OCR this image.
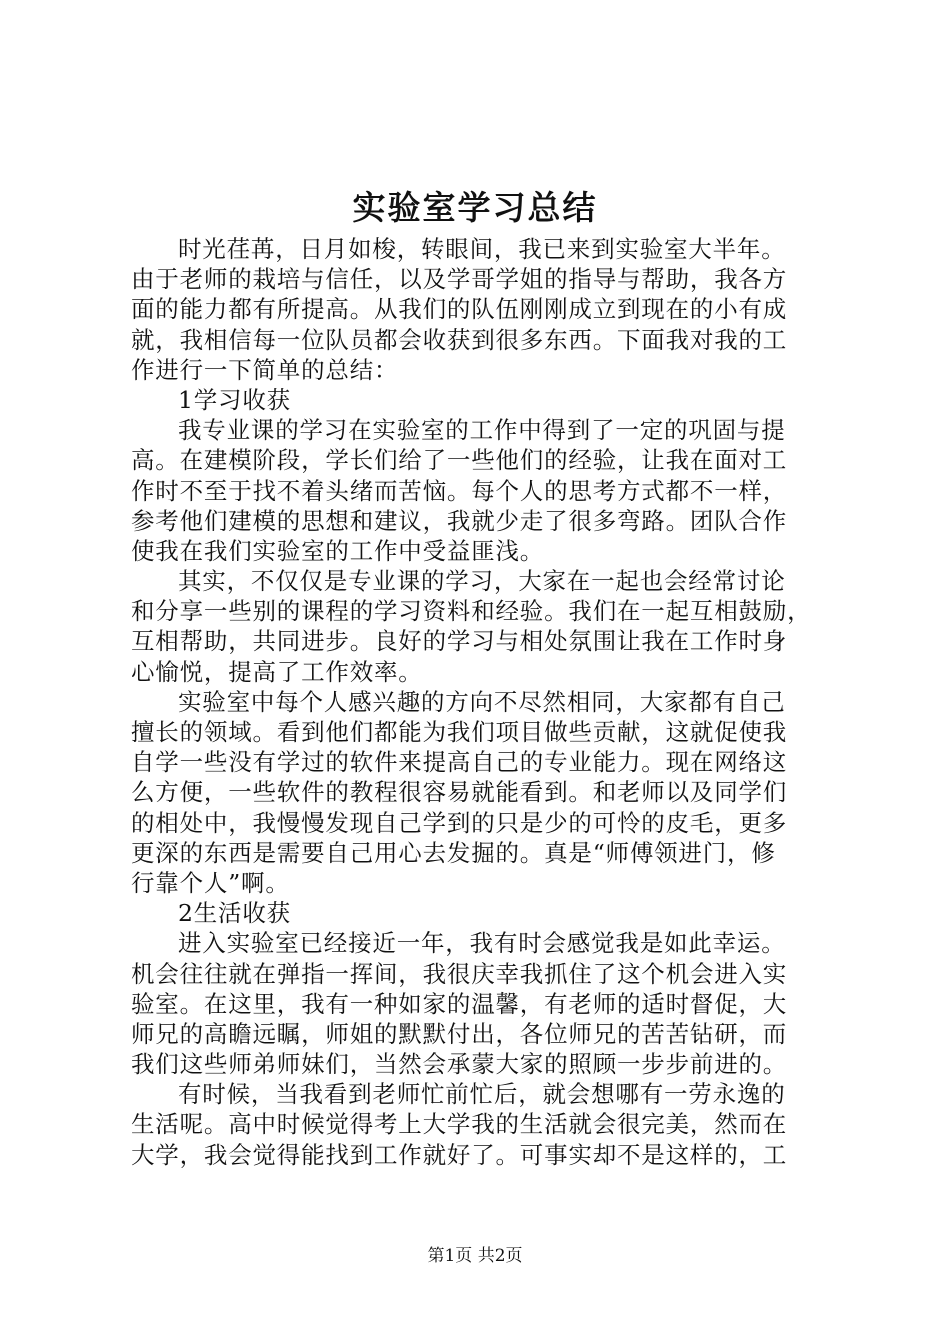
实验室学习总结
时光荏苒，日月如梭，转眼间，我已来到实验室大半年。
由于老师的栽培与信任，以及学哥学姐的指导与帮助，我各方
面的能力都有所提高。从我们的队伍刚刚成立到现在的小有成
就，我相信每一位队员都会收获到很多东西。下面我对我的工
作进行一下简单的总结：
1学习收获
我专业课的学习在实验室的工作中得到了一定的巩固与提
高。在建模阶段，学长们给了一些他们的经验，让我在面对工
作时不至于找不着头绪而苦恼。每个人的思考方式都不一样，
参考他们建模的思想和建议，我就少走了很多弯路。团队合作
使我在我们实验室的工作中受益匪浅。
其实，不仅仅是专业课的学习，大家在一起也会经常讨论
和分享一些别的课程的学习资料和经验。我们在一起互相鼓励，
互相帮助，共同进步。良好的学习与相处氛围让我在工作时身
心愉悦，提高了工作效率。
实验室中每个人感兴趣的方向不尽然相同，大家都有自己
擅长的领域。看到他们都能为我们项目做些贡献，这就促使我
自学一些没有学过的软件来提高自己的专业能力。现在网络这
么方便，一些软件的教程很容易就能看到。和老师以及同学们
的相处中，我慢慢发现自己学到的只是少的可怜的皮毛，更多
更深的东西是需要自己用心去发掘的。真是“师傅领进门，修
行靠个人”啊。
2生活收获
进入实验室已经接近一年，我有时会感觉我是如此幸运。
机会往往就在弹指一挥间，我很庆幸我抓住了这个机会进入实
验室。在这里，我有一种如家的温馨，有老师的适时督促，大
师兄的高瞻远瞩，师姐的默默付出，各位师兄的苦苦钻研，而
我们这些师弟师妹们，当然会承蒙大家的照顾一步步前进的。
有时候，当我看到老师忙前忙后，就会想哪有一劳永逸的
生活呢。高中时候觉得考上大学我的生活就会很完美，然而在
大学，我会觉得能找到工作就好了。可事实却不是这样的，工
第1页 共2页
